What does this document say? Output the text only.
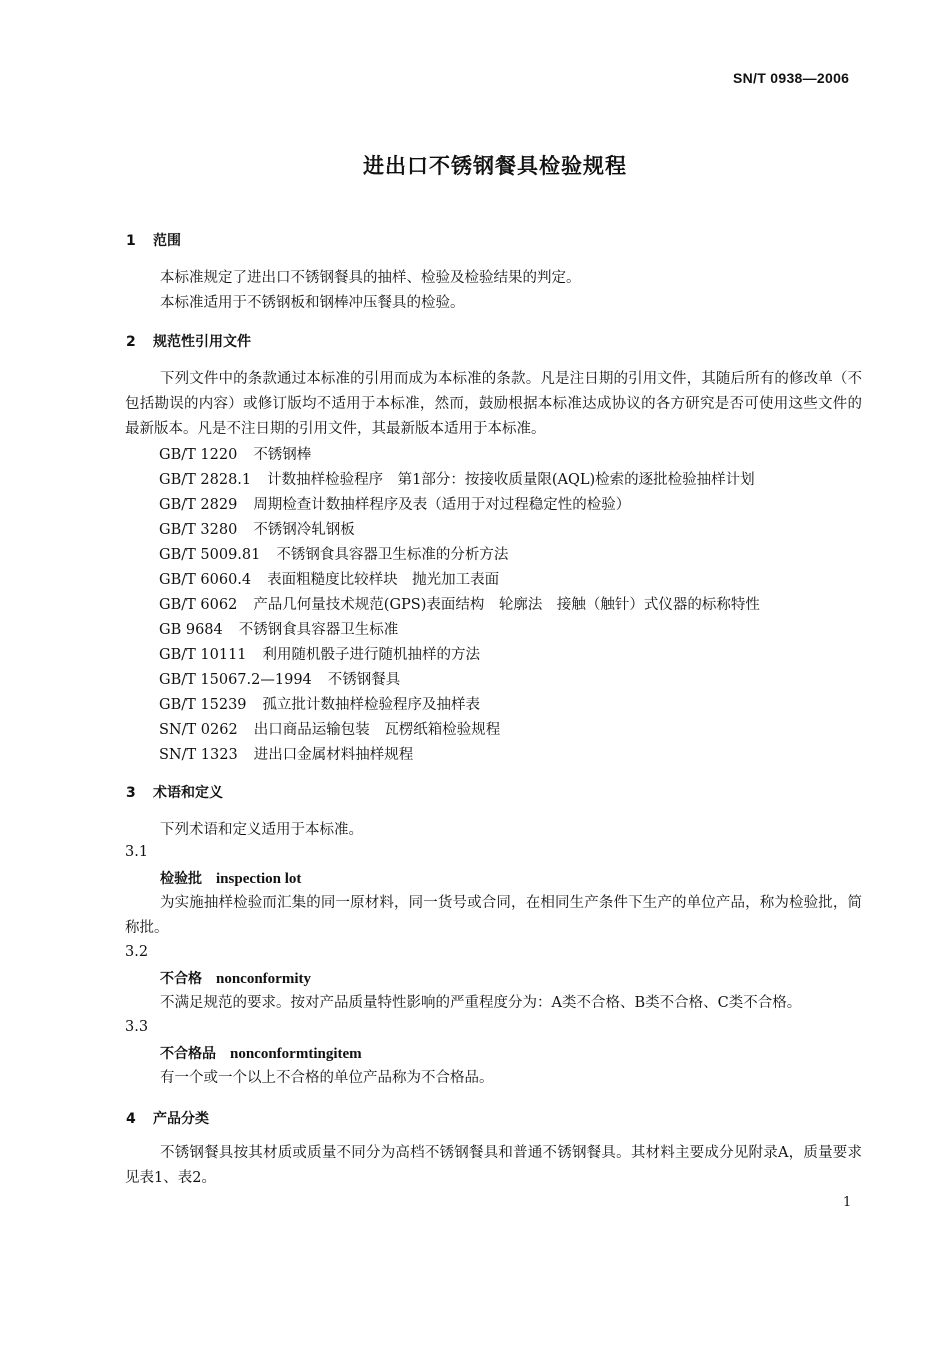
SN/T 0938—2006
进出口不锈钢餐具检验规程
1 范围
本标准规定了进出口不锈钢餐具的抽样、检验及检验结果的判定。
本标准适用于不锈钢板和钢棒冲压餐具的检验。
2 规范性引用文件
下列文件中的条款通过本标准的引用而成为本标准的条款。凡是注日期的引用文件，其随后所有的修改单（不包括勘误的内容）或修订版均不适用于本标准，然而，鼓励根据本标准达成协议的各方研究是否可使用这些文件的最新版本。凡是不注日期的引用文件，其最新版本适用于本标准。
GB/T 1220 不锈钢棒
GB/T 2828.1 计数抽样检验程序　第1部分：按接收质量限(AQL)检索的逐批检验抽样计划
GB/T 2829 周期检查计数抽样程序及表（适用于对过程稳定性的检验）
GB/T 3280 不锈钢冷轧钢板
GB/T 5009.81 不锈钢食具容器卫生标准的分析方法
GB/T 6060.4 表面粗糙度比较样块　抛光加工表面
GB/T 6062 产品几何量技术规范(GPS)表面结构　轮廓法　接触（触针）式仪器的标称特性
GB 9684 不锈钢食具容器卫生标准
GB/T 10111 利用随机骰子进行随机抽样的方法
GB/T 15067.2—1994 不锈钢餐具
GB/T 15239 孤立批计数抽样检验程序及抽样表
SN/T 0262 出口商品运输包装　瓦楞纸箱检验规程
SN/T 1323 进出口金属材料抽样规程
3 术语和定义
下列术语和定义适用于本标准。
3.1
检验批 inspection lot
为实施抽样检验而汇集的同一原材料，同一货号或合同，在相同生产条件下生产的单位产品，称为检验批，简称批。
3.2
不合格 nonconformity
不满足规范的要求。按对产品质量特性影响的严重程度分为：A类不合格、B类不合格、C类不合格。
3.3
不合格品 nonconformtingitem
有一个或一个以上不合格的单位产品称为不合格品。
4 产品分类
不锈钢餐具按其材质或质量不同分为高档不锈钢餐具和普通不锈钢餐具。其材料主要成分见附录A，质量要求见表1、表2。
1
